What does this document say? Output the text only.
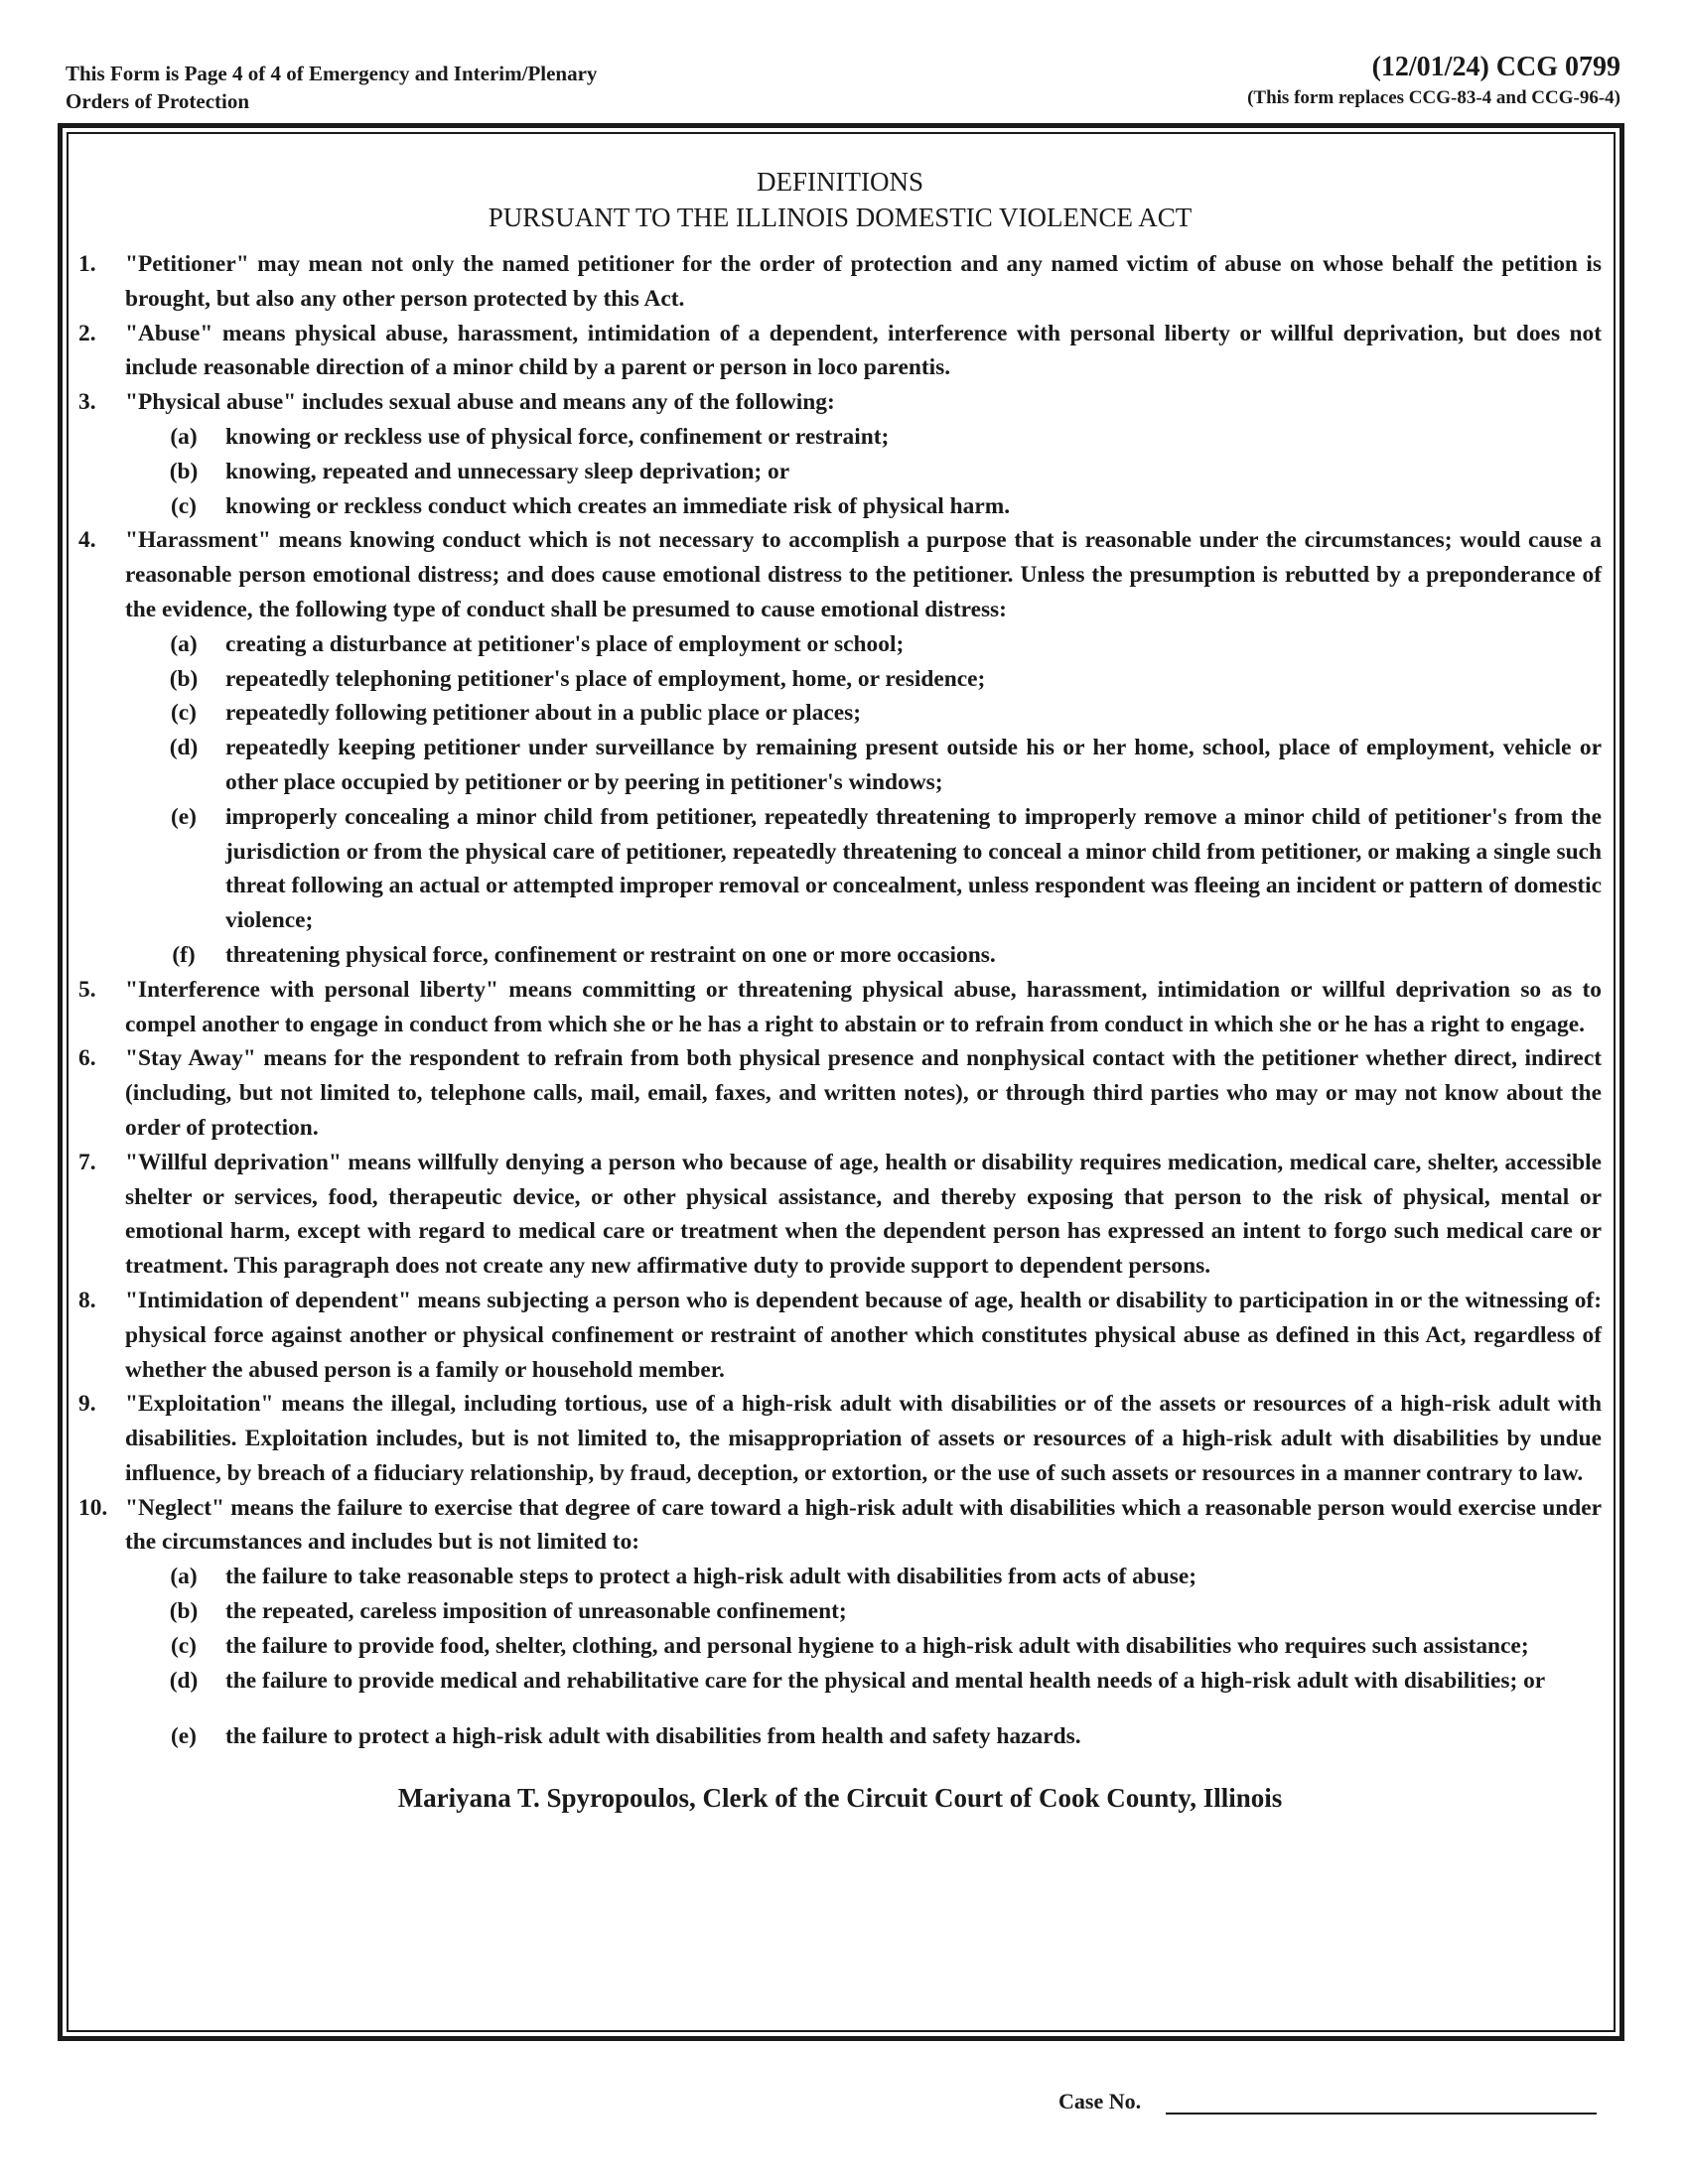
This Form is Page 4 of 4 of Emergency and Interim/Plenary
Orders of Protection
(12/01/24) CCG 0799
(This form replaces CCG-83-4 and CCG-96-4)
DEFINITIONS
PURSUANT TO THE ILLINOIS DOMESTIC VIOLENCE ACT
1. "Petitioner" may mean not only the named petitioner for the order of protection and any named victim of abuse on whose behalf the petition is brought, but also any other person protected by this Act.
2. "Abuse" means physical abuse, harassment, intimidation of a dependent, interference with personal liberty or willful deprivation, but does not include reasonable direction of a minor child by a parent or person in loco parentis.
3. "Physical abuse" includes sexual abuse and means any of the following:
(a)	knowing or reckless use of physical force, confinement or restraint;
(b)	knowing, repeated and unnecessary sleep deprivation; or
(c)	knowing or reckless conduct which creates an immediate risk of physical harm.
4. "Harassment" means knowing conduct which is not necessary to accomplish a purpose that is reasonable under the circumstances; would cause a reasonable person emotional distress; and does cause emotional distress to the petitioner. Unless the presumption is rebutted by a preponderance of the evidence, the following type of conduct shall be presumed to cause emotional distress:
(a)	creating a disturbance at petitioner's place of employment or school;
(b)	repeatedly telephoning petitioner's place of employment, home, or residence;
(c)	repeatedly following petitioner about in a public place or places;
(d)	repeatedly keeping petitioner under surveillance by remaining present outside his or her home, school, place of employment, vehicle or other place occupied by petitioner or by peering in petitioner's windows;
(e)	improperly concealing a minor child from petitioner, repeatedly threatening to improperly remove a minor child of petitioner's from the jurisdiction or from the physical care of petitioner, repeatedly threatening to conceal a minor child from petitioner, or making a single such threat following an actual or attempted improper removal or concealment, unless respondent was fleeing an incident or pattern of domestic violence;
(f)	threatening physical force, confinement or restraint on one or more occasions.
5. "Interference with personal liberty" means committing or threatening physical abuse, harassment, intimidation or willful deprivation so as to compel another to engage in conduct from which she or he has a right to abstain or to refrain from conduct in which she or he has a right to engage.
6. "Stay Away" means for the respondent to refrain from both physical presence and nonphysical contact with the petitioner whether direct, indirect (including, but not limited to, telephone calls, mail, email, faxes, and written notes), or through third parties who may or may not know about the order of protection.
7. "Willful deprivation" means willfully denying a person who because of age, health or disability requires medication, medical care, shelter, accessible shelter or services, food, therapeutic device, or other physical assistance, and thereby exposing that person to the risk of physical, mental or emotional harm, except with regard to medical care or treatment when the dependent person has expressed an intent to forgo such medical care or treatment. This paragraph does not create any new affirmative duty to provide support to dependent persons.
8. "Intimidation of dependent" means subjecting a person who is dependent because of age, health or disability to participation in or the witnessing of: physical force against another or physical confinement or restraint of another which constitutes physical abuse as defined in this Act, regardless of whether the abused person is a family or household member.
9. "Exploitation" means the illegal, including tortious, use of a high-risk adult with disabilities or of the assets or resources of a high-risk adult with disabilities. Exploitation includes, but is not limited to, the misappropriation of assets or resources of a high-risk adult with disabilities by undue influence, by breach of a fiduciary relationship, by fraud, deception, or extortion, or the use of such assets or resources in a manner contrary to law.
10. "Neglect" means the failure to exercise that degree of care toward a high-risk adult with disabilities which a reasonable person would exercise under the circumstances and includes but is not limited to:
(a)	the failure to take reasonable steps to protect a high-risk adult with disabilities from acts of abuse;
(b)	the repeated, careless imposition of unreasonable confinement;
(c)	the failure to provide food, shelter, clothing, and personal hygiene to a high-risk adult with disabilities who requires such assistance;
(d)	the failure to provide medical and rehabilitative care for the physical and mental health needs of a high-risk adult with disabilities; or
(e)	the failure to protect a high-risk adult with disabilities from health and safety hazards.
Mariyana T. Spyropoulos, Clerk of the Circuit Court of Cook County, Illinois
Case No.
